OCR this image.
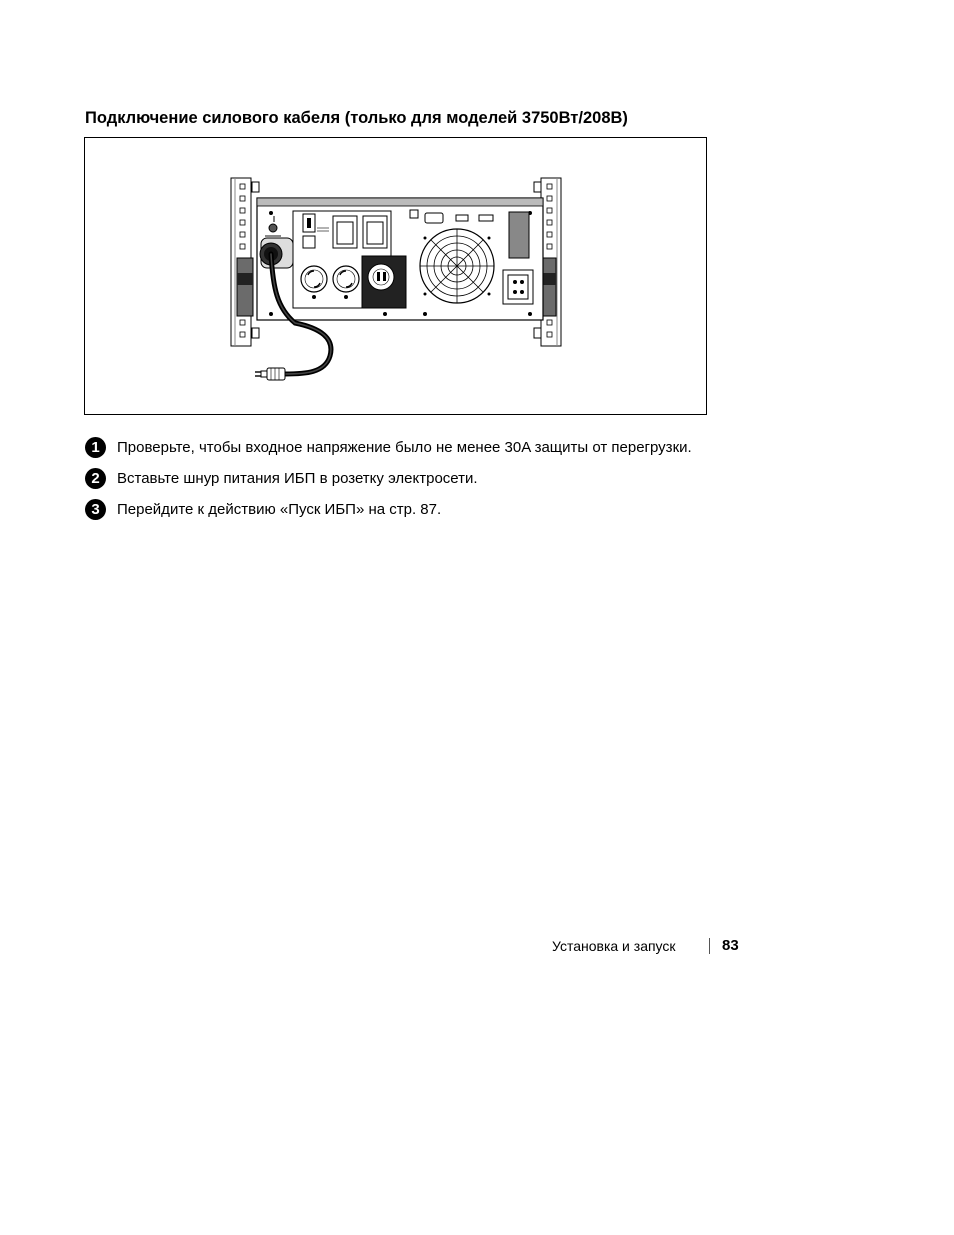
Подключение силового кабеля (только для моделей 3750Вт/208В)
1	Проверьте, чтобы входное напряжение было не менее 30A защиты от перегрузки.
2	Вставьте шнур питания ИБП в розетку электросети.
3	Перейдите к действию «Пуск ИБП» на стр. 87.
Установка и запуск	83
